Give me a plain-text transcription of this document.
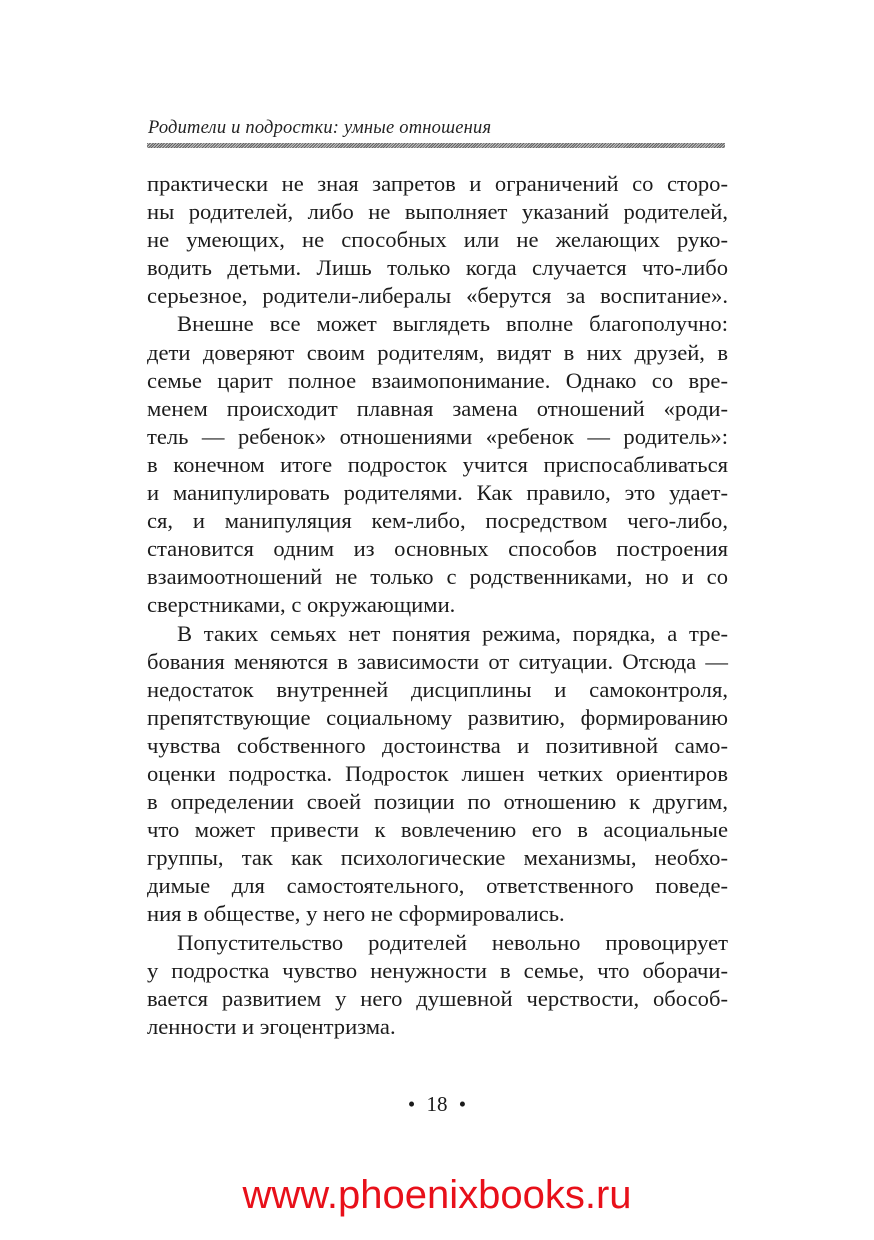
Родители и подростки: умные отношения
практически не зная запретов и ограничений со сторо-
ны родителей, либо не выполняет указаний родителей,
не умеющих, не способных или не желающих руко-
водить детьми. Лишь только когда случается что-либо
серьезное, родители-либералы «берутся за воспитание».
Внешне все может выглядеть вполне благополучно:
дети доверяют своим родителям, видят в них друзей, в
семье царит полное взаимопонимание. Однако со вре-
менем происходит плавная замена отношений «роди-
тель — ребенок» отношениями «ребенок — родитель»:
в конечном итоге подросток учится приспосабливаться
и манипулировать родителями. Как правило, это удает-
ся, и манипуляция кем-либо, посредством чего-либо,
становится одним из основных способов построения
взаимоотношений не только с родственниками, но и со
сверстниками, с окружающими.
В таких семьях нет понятия режима, порядка, а тре-
бования меняются в зависимости от ситуации. Отсюда —
недостаток внутренней дисциплины и самоконтроля,
препятствующие социальному развитию, формированию
чувства собственного достоинства и позитивной само-
оценки подростка. Подросток лишен четких ориентиров
в определении своей позиции по отношению к другим,
что может привести к вовлечению его в асоциальные
группы, так как психологические механизмы, необхо-
димые для самостоятельного, ответственного поведе-
ния в обществе, у него не сформировались.
Попустительство родителей невольно провоцирует
у подростка чувство ненужности в семье, что оборачи-
вается развитием у него душевной черствости, обособ-
ленности и эгоцентризма.
• 18 •
www.phoenixbooks.ru
